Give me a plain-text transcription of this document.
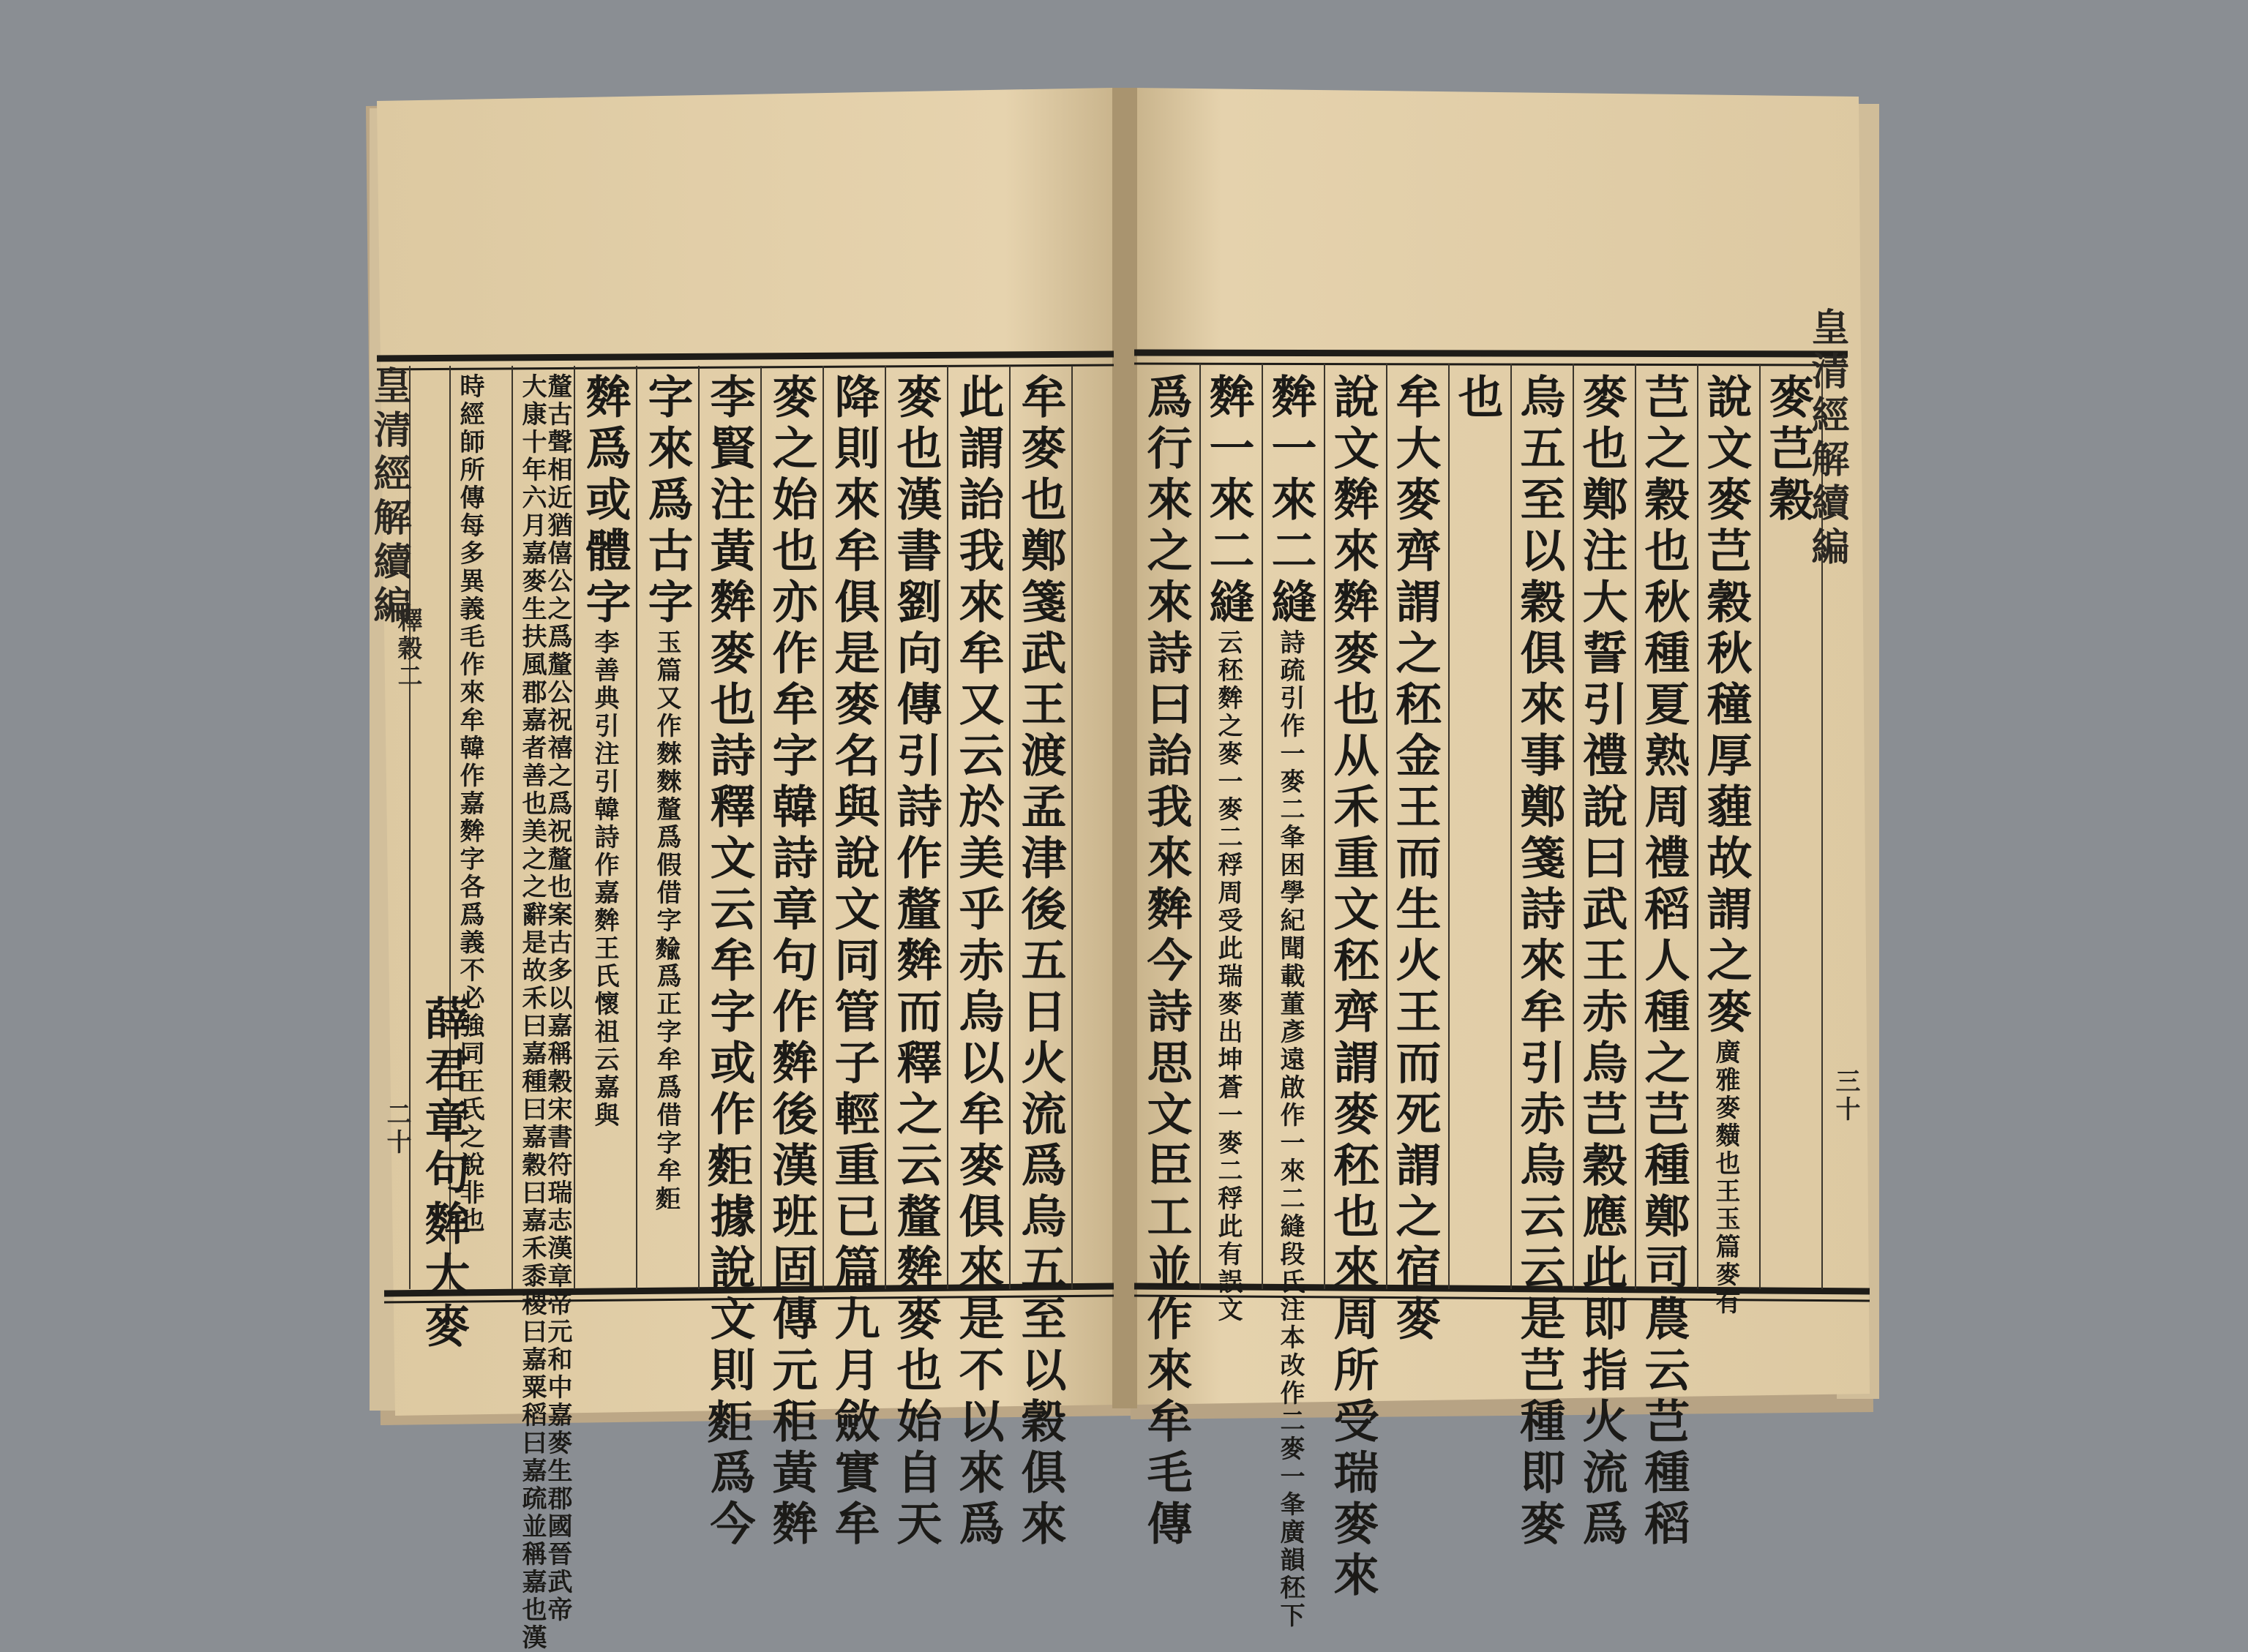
麥芑穀
說文麥芑穀秋穜厚薶故謂之麥廣雅麥䵃也王玉篇麥有
芑之穀也秋種夏熟周禮稻人種之芑種鄭司農云芑種稻
麥也鄭注大誓引禮說曰武王赤烏芑穀應此即指火流爲
烏五至以穀俱來事鄭箋詩來牟引赤烏云云是芑種即麥
也
牟大麥齊謂之秠金王而生火王而死謂之宿麥
說文麰來麰麥也从禾重文秠齊謂麥秠也來周所受瑞麥來
麰一來二縫詩疏引作一麥二夆困學紀聞載董彥遠啟作一來二縫段氏注本改作二麥一夆廣韻秠下
麰一來二縫云秠麰之麥一麥二稃周受此瑞麥出坤蒼一麥二稃此有誤文
爲行來之來詩曰詒我來麰今詩思文臣工並作來牟毛傳	皇清經解續編
三十
牟麥也鄭箋武王渡孟津後五日火流爲烏五至以穀俱來
此謂詒我來牟又云於美乎赤烏以牟麥俱來是不以來爲
麥也漢書劉向傳引詩作釐麰而釋之云釐麰麥也始自天
降則來牟俱是麥名與說文同管子輕重已篇九月斂實牟
麥之始也亦作牟字韓詩章句作麰後漢班固傳元秬黃麰
李賢注黃麰麥也詩釋文云牟字或作𪌖據說文則𪌖爲今
字來爲古字玉篇又作麳麳釐爲假借字𪍍爲正字牟爲借字牟𪌖
麰爲或體字李善典引注引韓詩作嘉麰王氏懷祖云嘉與
釐古聲相近猶僖公之爲釐公祝禧之爲祝釐也案古多以嘉稱穀宋書符瑞志漢章帝元和中嘉麥生郡國晉武帝
大康十年六月嘉麥生扶風郡嘉者善也美之之辭是故禾曰嘉種曰嘉穀曰嘉禾黍稷曰嘉粟稻曰嘉疏並稱嘉也漢
時經師所傳每多異義毛作來牟韓作嘉麰字各爲義不必強同王氏之說非也
薛君章句麰大麥
皇清經解續編
釋穀二
二十
